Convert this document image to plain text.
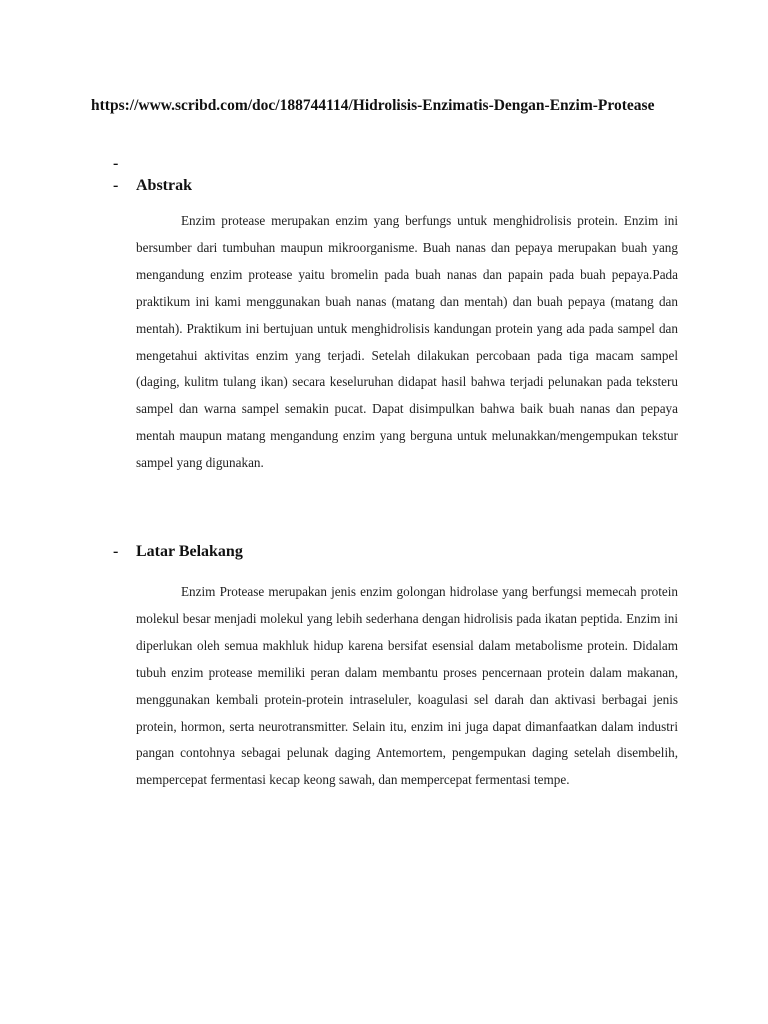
https://www.scribd.com/doc/188744114/Hidrolisis-Enzimatis-Dengan-Enzim-Protease
-
- Abstrak

Enzim protease merupakan enzim yang berfungs untuk menghidrolisis protein. Enzim ini bersumber dari tumbuhan maupun mikroorganisme. Buah nanas dan pepaya merupakan buah yang mengandung enzim protease yaitu bromelin pada buah nanas dan papain pada buah pepaya.Pada praktikum ini kami menggunakan buah nanas (matang dan mentah) dan buah pepaya (matang dan mentah). Praktikum ini bertujuan untuk menghidrolisis kandungan protein yang ada pada sampel dan mengetahui aktivitas enzim yang terjadi. Setelah dilakukan percobaan pada tiga macam sampel (daging, kulitm tulang ikan) secara keseluruhan didapat hasil bahwa terjadi pelunakan pada teksteru sampel dan warna sampel semakin pucat. Dapat disimpulkan bahwa baik buah nanas dan pepaya mentah maupun matang mengandung enzim yang berguna untuk melunakkan/mengempukan tekstur sampel yang digunakan.

- Latar Belakang

Enzim Protease merupakan jenis enzim golongan hidrolase yang berfungsi memecah protein molekul besar menjadi molekul yang lebih sederhana dengan hidrolisis pada ikatan peptida. Enzim ini diperlukan oleh semua makhluk hidup karena bersifat esensial dalam metabolisme protein. Didalam tubuh enzim protease memiliki peran dalam membantu proses pencernaan protein dalam makanan, menggunakan kembali protein-protein intraseluler, koagulasi sel darah dan aktivasi berbagai jenis protein, hormon, serta neurotransmitter. Selain itu, enzim ini juga dapat dimanfaatkan dalam industri pangan contohnya sebagai pelunak daging Antemortem, pengempukan daging setelah disembelih, mempercepat fermentasi kecap keong sawah, dan mempercepat fermentasi tempe.
